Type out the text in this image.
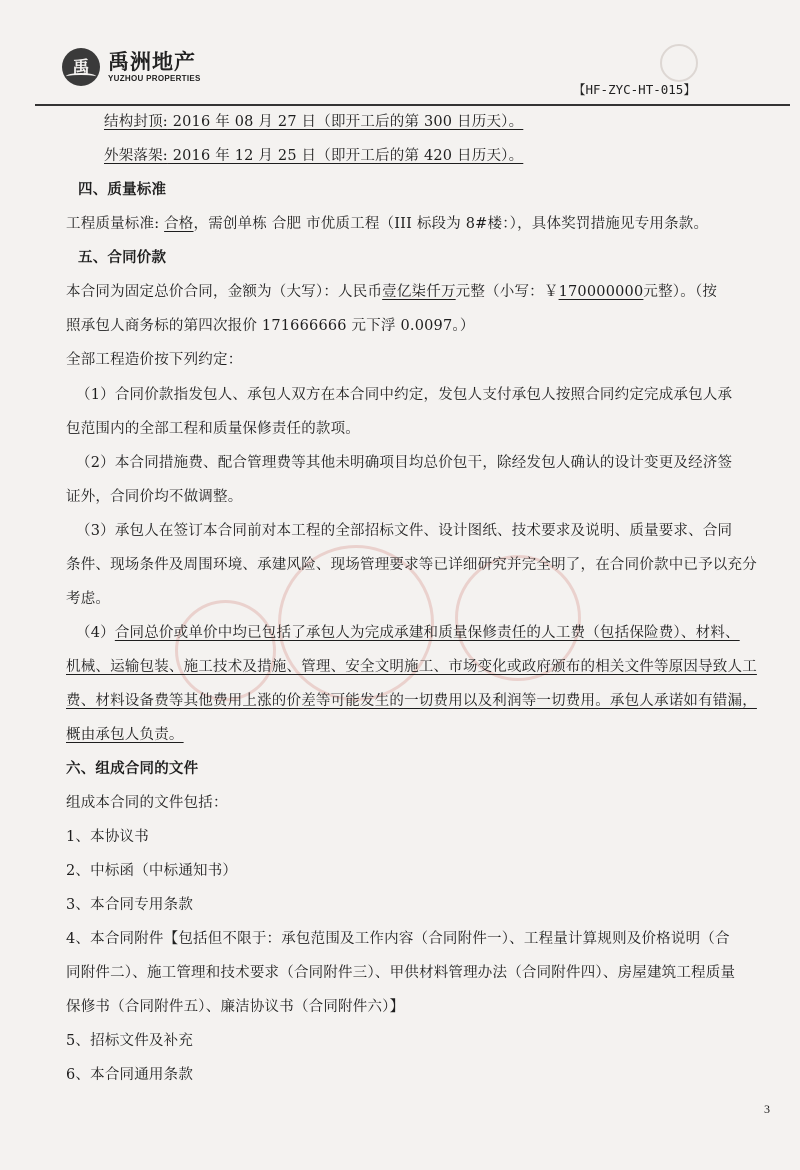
禹 禹洲地产
YUZHOU PROPERTIES
【HF-ZYC-HT-015】
结构封顶: 2016 年 08 月 27 日（即开工后的第 300 日历天）。
外架落架: 2016 年 12 月 25 日（即开工后的第 420 日历天）。
四、质量标准
工程质量标准: 合格，需创单栋 合肥 市优质工程（III 标段为 8#楼：），具体奖罚措施见专用条款。
五、合同价款
本合同为固定总价合同，金额为（大写）：人民币壹亿柒仟万元整（小写：￥170000000元整）。（按
照承包人商务标的第四次报价 171666666 元下浮 0.0097。）
全部工程造价按下列约定：
（1）合同价款指发包人、承包人双方在本合同中约定，发包人支付承包人按照合同约定完成承包人承
包范围内的全部工程和质量保修责任的款项。
（2）本合同措施费、配合管理费等其他未明确项目均总价包干，除经发包人确认的设计变更及经济签
证外，合同价均不做调整。
（3）承包人在签订本合同前对本工程的全部招标文件、设计图纸、技术要求及说明、质量要求、合同
条件、现场条件及周围环境、承建风险、现场管理要求等已详细研究并完全明了，在合同价款中已予以充分
考虑。
（4）合同总价或单价中均已包括了承包人为完成承建和质量保修责任的人工费（包括保险费）、材料、
机械、运输包装、施工技术及措施、管理、安全文明施工、市场变化或政府颁布的相关文件等原因导致人工
费、材料设备费等其他费用上涨的价差等可能发生的一切费用以及利润等一切费用。承包人承诺如有错漏，
概由承包人负责。
六、组成合同的文件
组成本合同的文件包括：
1、本协议书
2、中标函（中标通知书）
3、本合同专用条款
4、本合同附件【包括但不限于：承包范围及工作内容（合同附件一）、工程量计算规则及价格说明（合
同附件二）、施工管理和技术要求（合同附件三）、甲供材料管理办法（合同附件四）、房屋建筑工程质量
保修书（合同附件五）、廉洁协议书（合同附件六）】
5、招标文件及补充
6、本合同通用条款
3
